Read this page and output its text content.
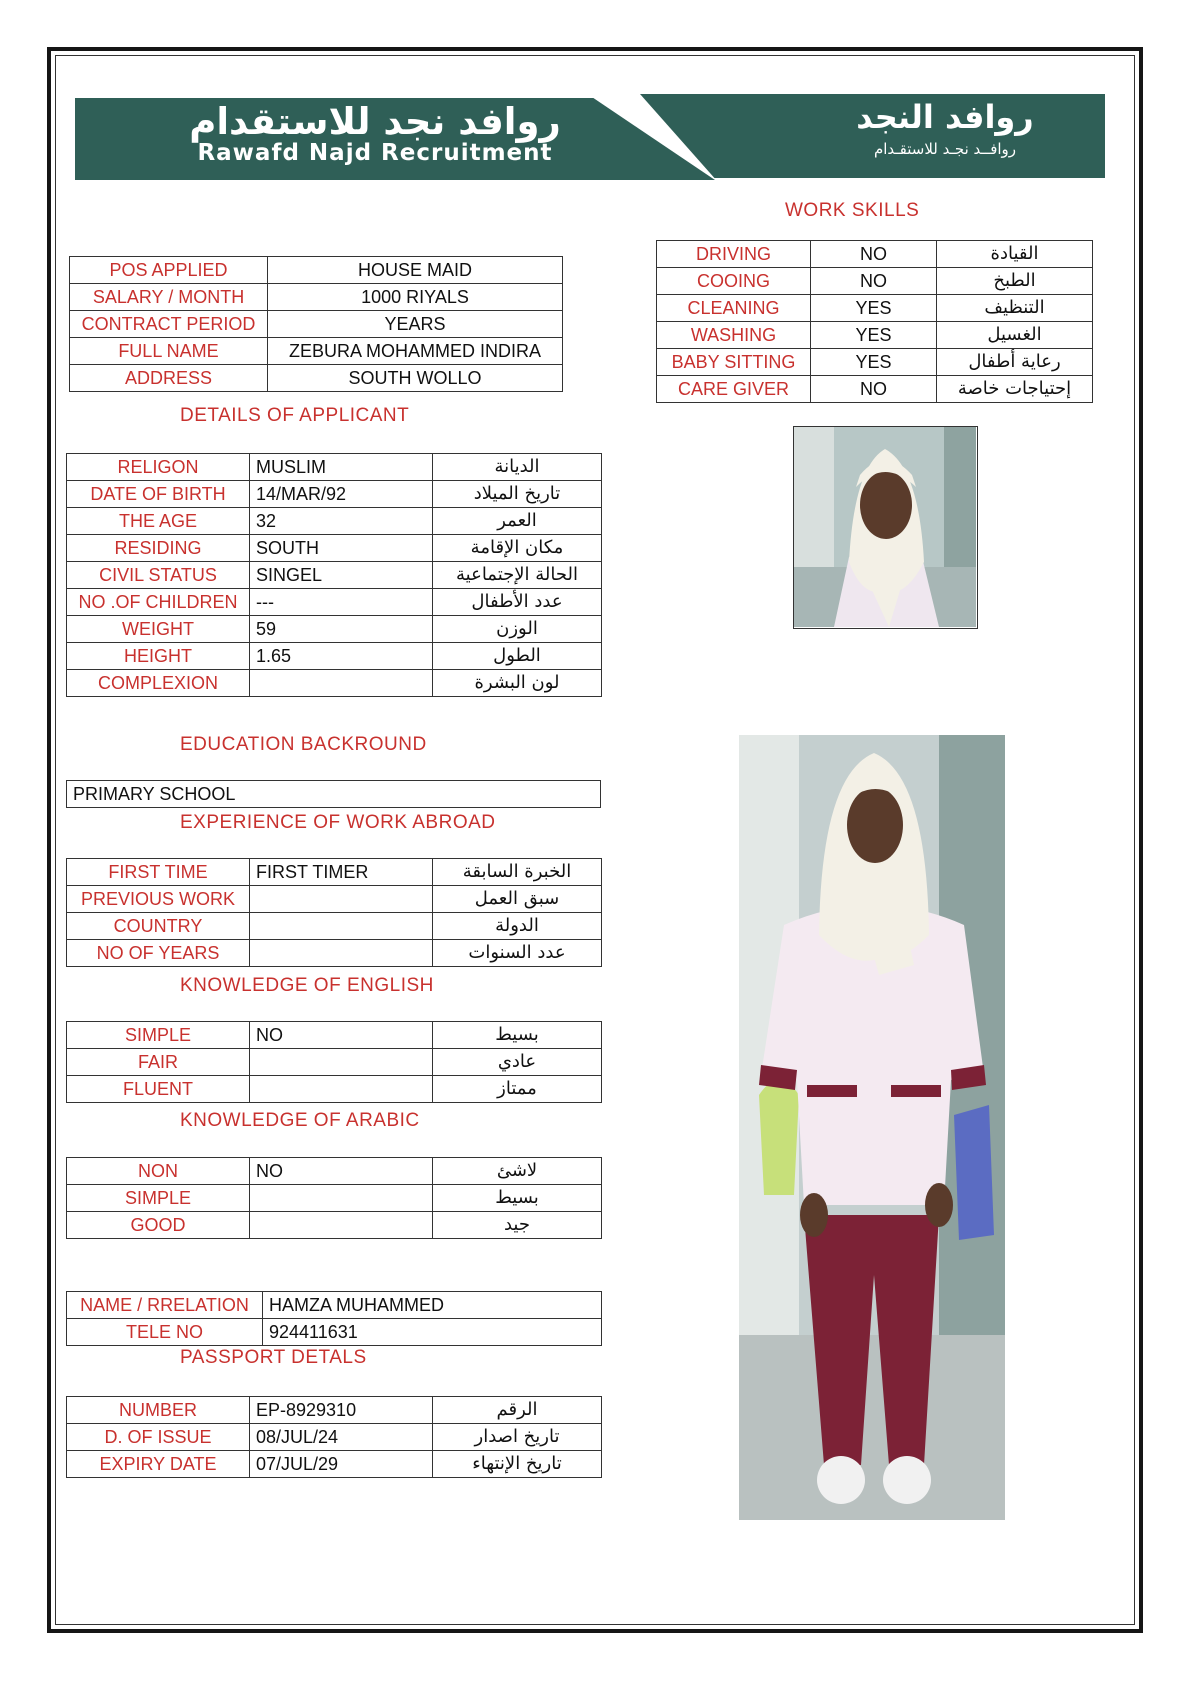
روافد نجد للاستقدام
Rawafd Najd Recruitment
روافد النجد
روافــد نجـد للاستقـدام
WORK SKILLS
DRIVING	NO	القيادة
COOING	NO	الطبخ
CLEANING	YES	التنظيف
WASHING	YES	الغسيل
BABY SITTING	YES	رعاية أطفال
CARE GIVER	NO	إحتياجات خاصة
POS APPLIED	HOUSE MAID
SALARY / MONTH	1000 RIYALS
CONTRACT PERIOD	YEARS
FULL NAME	ZEBURA MOHAMMED INDIRA
ADDRESS	SOUTH WOLLO
DETAILS OF APPLICANT
RELIGON	MUSLIM	الديانة
DATE OF BIRTH	14/MAR/92	تاريخ الميلاد
THE AGE	32	العمر
RESIDING	SOUTH	مكان الإقامة
CIVIL STATUS	SINGEL	الحالة الإجتماعية
NO .OF CHILDREN	---	عدد الأطفال
WEIGHT	59	الوزن
HEIGHT	1.65	الطول
COMPLEXION		لون البشرة
EDUCATION BACKROUND
PRIMARY SCHOOL
EXPERIENCE OF WORK ABROAD
FIRST TIME	FIRST TIMER	الخبرة السابقة
PREVIOUS WORK		سبق العمل
COUNTRY		الدولة
NO OF YEARS		عدد السنوات
KNOWLEDGE OF ENGLISH
SIMPLE	NO	بسيط
FAIR		عادي
FLUENT		ممتاز
KNOWLEDGE OF ARABIC
NON	NO	لاشئ
SIMPLE		بسيط
GOOD		جيد
NAME / RRELATION	HAMZA MUHAMMED
TELE NO	924411631
PASSPORT DETALS
NUMBER	EP-8929310	الرقم
D. OF ISSUE	08/JUL/24	تاريخ اصدار
EXPIRY DATE	07/JUL/29	تاريخ الإنتهاء
